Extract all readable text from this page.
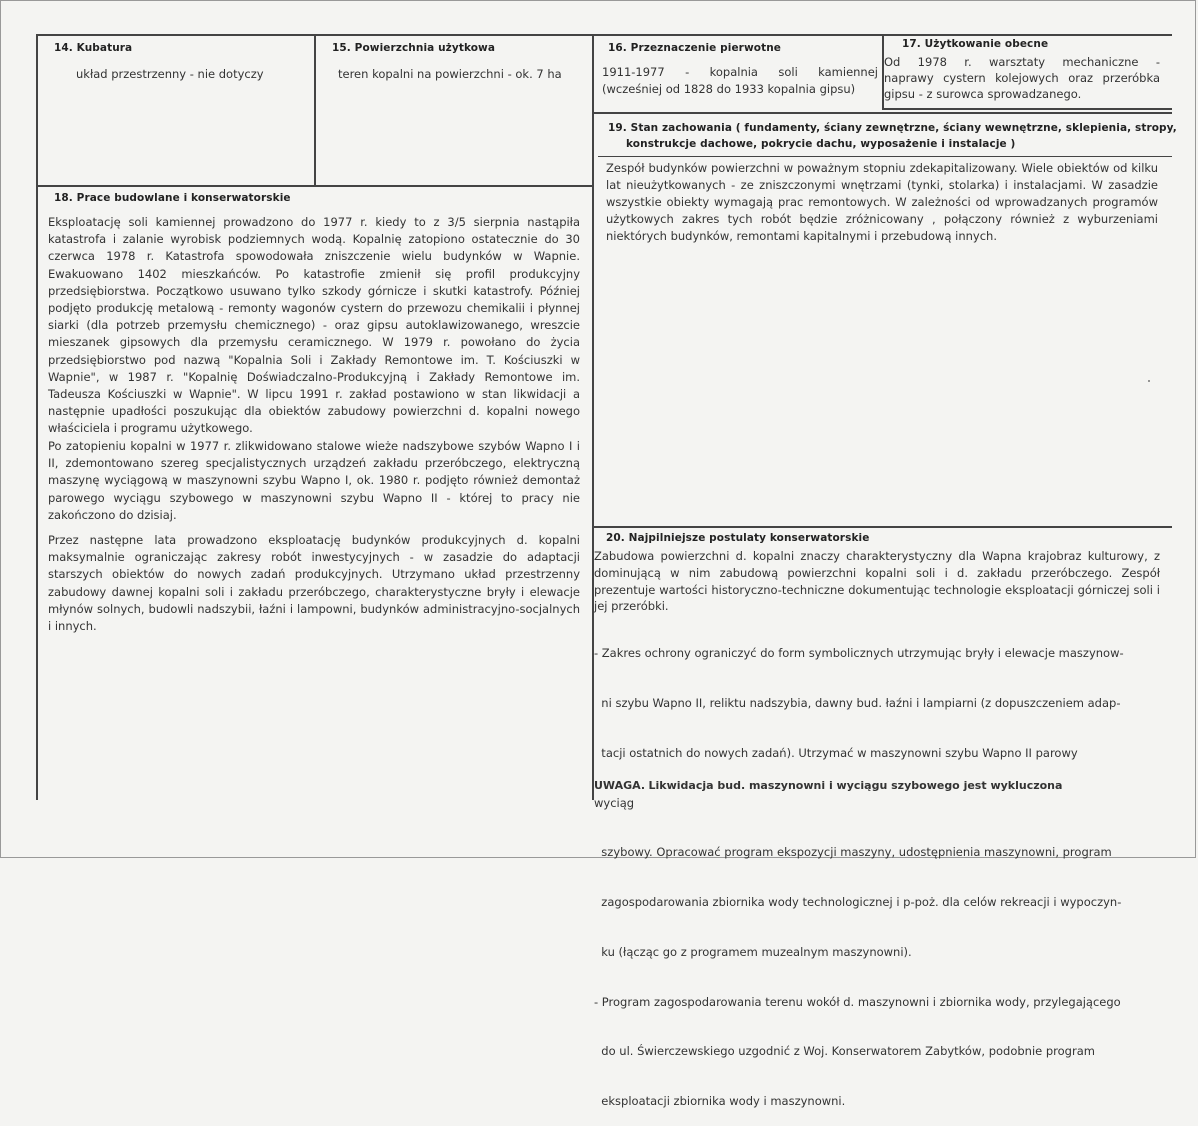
14. Kubatura
układ przestrzenny - nie dotyczy
15. Powierzchnia użytkowa
teren kopalni na powierzchni - ok. 7 ha
16. Przeznaczenie pierwotne
1911-1977 - kopalnia soli kamiennej
(wcześniej od 1828 do 1933 kopalnia gipsu)
17. Użytkowanie obecne
Od 1978 r. warsztaty mechaniczne -
naprawy cystern kolejowych oraz przeróbka
gipsu - z surowca sprowadzanego.
19. Stan zachowania ( fundamenty, ściany zewnętrzne, ściany wewnętrzne, sklepienia, stropy,
konstrukcje dachowe, pokrycie dachu, wyposażenie i instalacje )
Zespół budynków powierzchni w poważnym stopniu zdekapitalizowany. Wiele obiektów od kilku lat nieużytkowanych - ze zniszczonymi wnętrzami (tynki, stolarka) i instalacjami. W zasadzie wszystkie obiekty wymagają prac remontowych. W zależności od wprowadzanych programów użytkowych zakres tych robót będzie zróżnicowany , połączony również z wyburzeniami niektórych budynków, remontami kapitalnymi i przebudową innych.
18. Prace budowlane i konserwatorskie
Eksploatację soli kamiennej prowadzono do 1977 r. kiedy to z 3/5 sierpnia nastąpiła katastrofa i zalanie wyrobisk podziemnych wodą. Kopalnię zatopiono ostatecznie do 30 czerwca 1978 r. Katastrofa spowodowała zniszczenie wielu budynków w Wapnie. Ewakuowano 1402 mieszkańców. Po katastrofie zmienił się profil produkcyjny przedsiębiorstwa. Początkowo usuwano tylko szkody górnicze i skutki katastrofy. Później podjęto produkcję metalową - remonty wagonów cystern do przewozu chemikalii i płynnej siarki (dla potrzeb przemysłu chemicznego) - oraz gipsu autoklawizowanego, wreszcie mieszanek gipsowych dla przemysłu ceramicznego. W 1979 r. powołano do życia przedsiębiorstwo pod nazwą "Kopalnia Soli i Zakłady Remontowe im. T. Kościuszki w Wapnie", w 1987 r. "Kopalnię Doświadczalno-Produkcyjną i Zakłady Remontowe im. Tadeusza Kościuszki w Wapnie". W lipcu 1991 r. zakład postawiono w stan likwidacji a następnie upadłości poszukując dla obiektów zabudowy powierzchni d. kopalni nowego właściciela i programu użytkowego.
Po zatopieniu kopalni w 1977 r. zlikwidowano stalowe wieże nadszybowe szybów Wapno I i II, zdemontowano szereg specjalistycznych urządzeń zakładu przeróbczego, elektryczną maszynę wyciągową w maszynowni szybu Wapno I, ok. 1980 r. podjęto również demontaż parowego wyciągu szybowego w maszynowni szybu Wapno II - której to pracy nie zakończono do dzisiaj.
Przez następne lata prowadzono eksploatację budynków produkcyjnych d. kopalni maksymalnie ograniczając zakresy robót inwestycyjnych - w zasadzie do adaptacji starszych obiektów do nowych zadań produkcyjnych. Utrzymano układ przestrzenny zabudowy dawnej kopalni soli i zakładu przeróbczego, charakterystyczne bryły i elewacje młynów solnych, budowli nadszybii, łaźni i lampowni, budynków administracyjno-socjalnych i innych.
20. Najpilniejsze postulaty konserwatorskie
Zabudowa powierzchni d. kopalni znaczy charakterystyczny dla Wapna krajobraz kulturowy, z dominującą w nim zabudową powierzchni kopalni soli i d. zakładu przeróbczego. Zespół prezentuje wartości historyczno-techniczne dokumentując technologie eksploatacji górniczej soli i jej przeróbki.

- Zakres ochrony ograniczyć do form symbolicznych utrzymując bryły i elewacje maszynow-

ni szybu Wapno II, reliktu nadszybia, dawny bud. łaźni i lampiarni (z dopuszczeniem adap-

tacji ostatnich do nowych zadań). Utrzymać w maszynowni szybu Wapno II parowy

wyciąg

szybowy. Opracować program ekspozycji maszyny, udostępnienia maszynowni, program

zagospodarowania zbiornika wody technologicznej i p-poż. dla celów rekreacji i wypoczyn-

ku (łącząc go z programem muzealnym maszynowni).

- Program zagospodarowania terenu wokół d. maszynowni i zbiornika wody, przylegającego

do ul. Świerczewskiego uzgodnić z Woj. Konserwatorem Zabytków, podobnie program

eksploatacji zbiornika wody i maszynowni.

UWAGA. Likwidacja bud. maszynowni i wyciągu szybowego jest wykluczona
